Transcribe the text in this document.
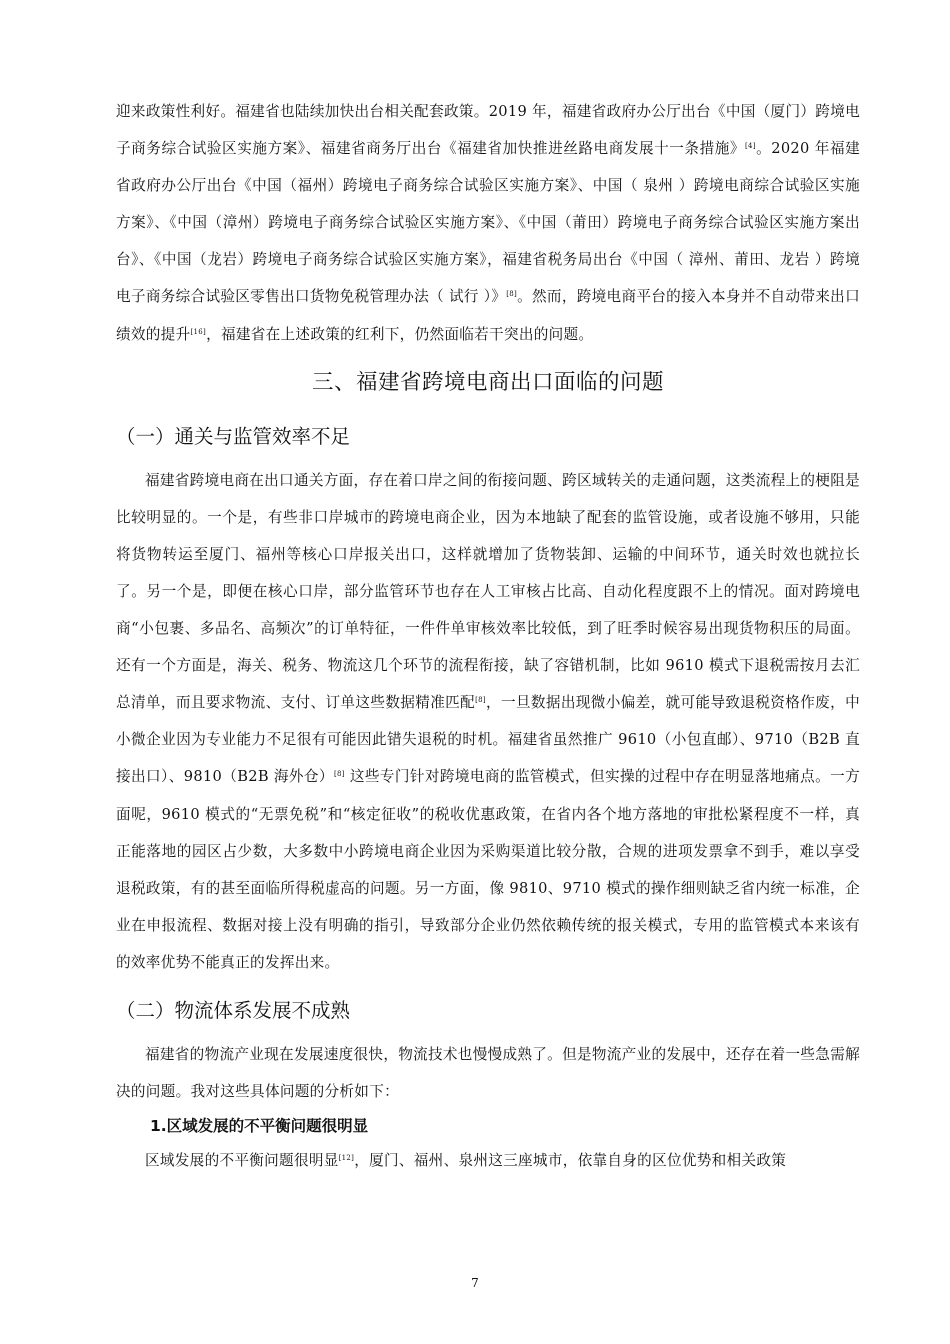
迎来政策性利好。福建省也陆续加快出台相关配套政策。2019 年，福建省政府办公厅出台《中国（厦门）跨境电子商务综合试验区实施方案》、福建省商务厅出台《福建省加快推进丝路电商发展十一条措施》[4]。2020 年福建省政府办公厅出台《中国（福州）跨境电子商务综合试验区实施方案》、中国（ 泉州 ）跨境电商综合试验区实施方案》、《中国（漳州）跨境电子商务综合试验区实施方案》、《中国（莆田）跨境电子商务综合试验区实施方案出台》、《中国（龙岩）跨境电子商务综合试验区实施方案》，福建省税务局出台《中国（ 漳州、莆田、龙岩 ）跨境电子商务综合试验区零售出口货物免税管理办法（ 试行 ）》[8]。然而，跨境电商平台的接入本身并不自动带来出口绩效的提升[16]，福建省在上述政策的红利下，仍然面临若干突出的问题。

三、福建省跨境电商出口面临的问题
（一）通关与监管效率不足

福建省跨境电商在出口通关方面，存在着口岸之间的衔接问题、跨区域转关的走通问题，这类流程上的梗阻是比较明显的。一个是，有些非口岸城市的跨境电商企业，因为本地缺了配套的监管设施，或者设施不够用，只能将货物转运至厦门、福州等核心口岸报关出口，这样就增加了货物装卸、运输的中间环节，通关时效也就拉长了。另一个是，即便在核心口岸，部分监管环节也存在人工审核占比高、自动化程度跟不上的情况。面对跨境电商“小包裹、多品名、高频次”的订单特征，一件件单审核效率比较低，到了旺季时候容易出现货物积压的局面。还有一个方面是，海关、税务、物流这几个环节的流程衔接，缺了容错机制，比如 9610 模式下退税需按月去汇总清单，而且要求物流、支付、订单这些数据精准匹配[8]，一旦数据出现微小偏差，就可能导致退税资格作废，中小微企业因为专业能力不足很有可能因此错失退税的时机。福建省虽然推广 9610（小包直邮）、9710（B2B 直接出口）、9810（B2B 海外仓）[8] 这些专门针对跨境电商的监管模式，但实操的过程中存在明显落地痛点。一方面呢，9610 模式的“无票免税”和“核定征收”的税收优惠政策，在省内各个地方落地的审批松紧程度不一样，真正能落地的园区占少数，大多数中小跨境电商企业因为采购渠道比较分散，合规的进项发票拿不到手，难以享受退税政策，有的甚至面临所得税虚高的问题。另一方面，像 9810、9710 模式的操作细则缺乏省内统一标准，企业在申报流程、数据对接上没有明确的指引，导致部分企业仍然依赖传统的报关模式，专用的监管模式本来该有的效率优势不能真正的发挥出来。

（二）物流体系发展不成熟

福建省的物流产业现在发展速度很快，物流技术也慢慢成熟了。但是物流产业的发展中，还存在着一些急需解决的问题。我对这些具体问题的分析如下：

1.区域发展的不平衡问题很明显

区域发展的不平衡问题很明显[12]，厦门、福州、泉州这三座城市，依靠自身的区位优势和相关政策

7
